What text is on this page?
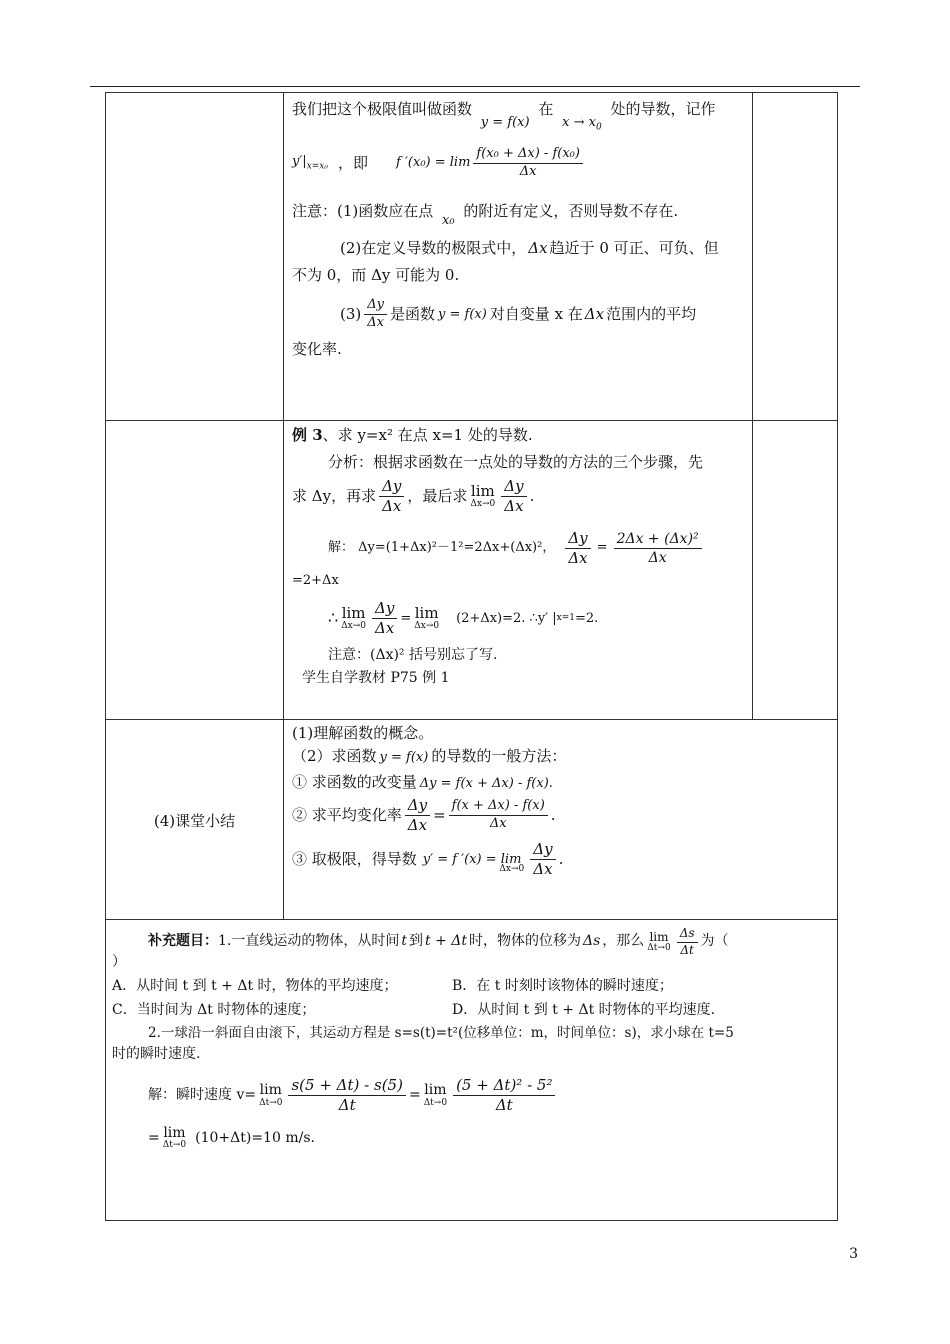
我们把这个极限值叫做函数 y = f(x) 在 $x \to x_0$ 处的导数，记作
$y'|_{x=x_0}$ ，即 f $'(x_0) = \lim \frac{\text{f(x₀ + Δx) - f(x₀)}}{\Delta x}$
注意：(1)函数应在点 x₀ 的附近有定义，否则导数不存在.
(2)在定义导数的极限式中， Δx 趋近于 0 可正、可负、但
不为 0，而 Δy 可能为 0.
$(3) \frac{\Delta y}{\Delta x}$ 是函数 y = f(x) 对自变量 x 在 Δx 范围内的平均
变化率.
例 3、求 y=x² 在点 x=1 处的导数.
分析：根据求函数在一点处的导数的方法的三个步骤，先
求 Δy，再求 $\frac{\Delta y}{\Delta x}$ ，最后求 lim
$\Delta x\to 0 \frac{\Delta y}{\Delta x}$ .
解： Δy=(1+Δx)²－1²=2Δx+(Δx)²， $\frac{\Delta y}{\Delta x} = \frac{\text{2Δx + (Δx)²}}{\Delta x}$
=2+Δx
∴ lim
$\Delta x\to 0 \frac{\Delta y}{\Delta x} = \lim$
Δx→0
(2+Δx)=2. ∴y′ | x=1 =2.
注意：(Δx)² 括号别忘了写.
学生自学教材 P75 例 1
(4)课堂小结
(1)理解函数的概念。
（2）求函数 y = f(x) 的导数的一般方法：
① 求函数的改变量 Δy = f(x + Δx) - f(x).
② 求平均变化率 $\frac{\Delta y}{\Delta x} = \frac{f(x + \Delta x) - f(x)}{\Delta x}$ .
③ 取极限，得导数 y′ = f ′(x) = lim
$\Delta x\to 0 \frac{\Delta y}{\Delta x}$ .
补充题目： 1.一直线运动的物体，从时间 t 到 t + Δt 时，物体的位移为 Δs ，那么 lim
$\Delta t\to 0 \frac{\Delta s}{\Delta t}$ 为（
）
A．从时间 t 到 t + Δt 时，物体的平均速度；	B．在 t 时刻时该物体的瞬时速度；
C．当时间为 Δt 时物体的速度；	D．从时间 t 到 t + Δt 时物体的平均速度.
2.一球沿一斜面自由滚下，其运动方程是 s=s(t)=t²(位移单位：m，时间单位：s)，求小球在 t=5
时的瞬时速度.
解：瞬时速度 v= lim
$\Delta t\to 0 \frac{s(5 + \Delta t) - s(5)}{\Delta t} = \lim$
$\Delta t\to 0 \frac{\text{(5 + Δt)² - 5²}}{\Delta t}$
= lim
Δt→0 (10+Δt)=10 m/s.
3
